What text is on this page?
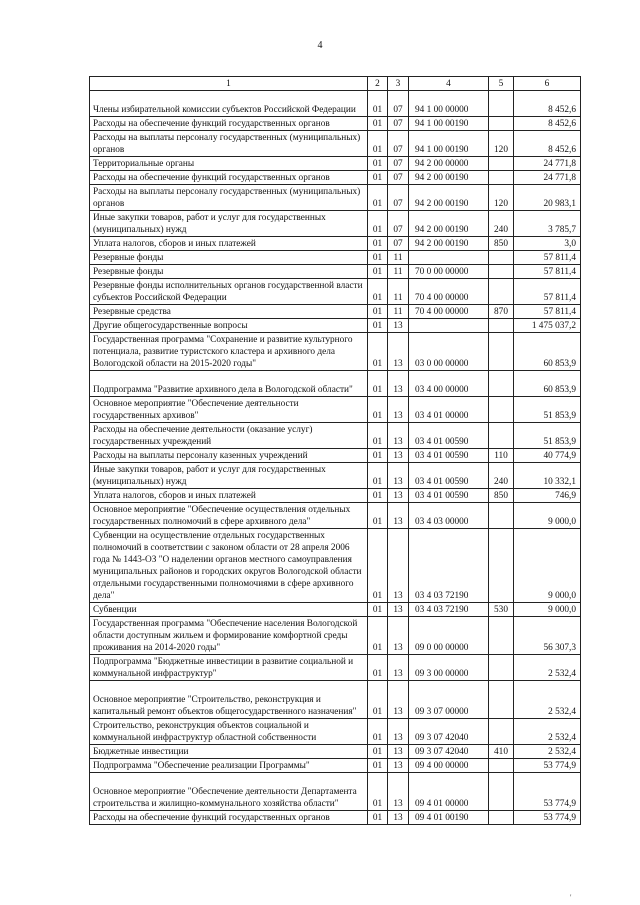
4
1	2	3	4	5	6
Члены избирательной комиссии субъектов Российской Федерации	01	07	94 1 00 00000		8 452,6
Расходы на обеспечение функций государственных органов	01	07	94 1 00 00190		8 452,6
Расходы на выплаты персоналу государственных (муниципальных) органов	01	07	94 1 00 00190	120	8 452,6
Территориальные органы	01	07	94 2 00 00000		24 771,8
Расходы на обеспечение функций государственных органов	01	07	94 2 00 00190		24 771,8
Расходы на выплаты персоналу государственных (муниципальных) органов	01	07	94 2 00 00190	120	20 983,1
Иные закупки товаров, работ и услуг для государственных (муниципальных) нужд	01	07	94 2 00 00190	240	3 785,7
Уплата налогов, сборов и иных платежей	01	07	94 2 00 00190	850	3,0
Резервные фонды	01	11			57 811,4
Резервные фонды	01	11	70 0 00 00000		57 811,4
Резервные фонды исполнительных органов государственной власти субъектов Российской Федерации	01	11	70 4 00 00000		57 811,4
Резервные средства	01	11	70 4 00 00000	870	57 811,4
Другие общегосударственные вопросы	01	13			1 475 037,2
Государственная программа "Сохранение и развитие культурного потенциала, развитие туристского кластера и архивного дела Вологодской области на 2015-2020 годы"	01	13	03 0 00 00000		60 853,9
Подпрограмма "Развитие архивного дела в Вологодской области"	01	13	03 4 00 00000		60 853,9
Основное мероприятие "Обеспечение деятельности государственных архивов"	01	13	03 4 01 00000		51 853,9
Расходы на обеспечение деятельности (оказание услуг) государственных учреждений	01	13	03 4 01 00590		51 853,9
Расходы на выплаты персоналу казенных учреждений	01	13	03 4 01 00590	110	40 774,9
Иные закупки товаров, работ и услуг для государственных (муниципальных) нужд	01	13	03 4 01 00590	240	10 332,1
Уплата налогов, сборов и иных платежей	01	13	03 4 01 00590	850	746,9
Основное мероприятие "Обеспечение осуществления отдельных государственных полномочий в сфере архивного дела"	01	13	03 4 03 00000		9 000,0
Субвенции на осуществление отдельных государственных полномочий в соответствии с законом области от 28 апреля 2006 года № 1443-ОЗ "О наделении органов местного самоуправления муниципальных районов и городских округов Вологодской области отдельными государственными полномочиями в сфере архивного дела"	01	13	03 4 03 72190		9 000,0
Субвенции	01	13	03 4 03 72190	530	9 000,0
Государственная программа "Обеспечение населения Вологодской области доступным жильем и формирование комфортной среды проживания на 2014-2020 годы"	01	13	09 0 00 00000		56 307,3
Подпрограмма "Бюджетные инвестиции в развитие социальной и коммунальной инфраструктур"	01	13	09 3 00 00000		2 532,4
Основное мероприятие "Строительство, реконструкция и капитальный ремонт объектов общегосударственного назначения"	01	13	09 3 07 00000		2 532,4
Строительство, реконструкция объектов социальной и коммунальной инфраструктур областной собственности	01	13	09 3 07 42040		2 532,4
Бюджетные инвестиции	01	13	09 3 07 42040	410	2 532,4
Подпрограмма "Обеспечение реализации Программы"	01	13	09 4 00 00000		53 774,9
Основное мероприятие "Обеспечение деятельности Департамента строительства и жилищно-коммунального хозяйства области"	01	13	09 4 01 00000		53 774,9
Расходы на обеспечение функций государственных органов	01	13	09 4 01 00190		53 774,9
'
